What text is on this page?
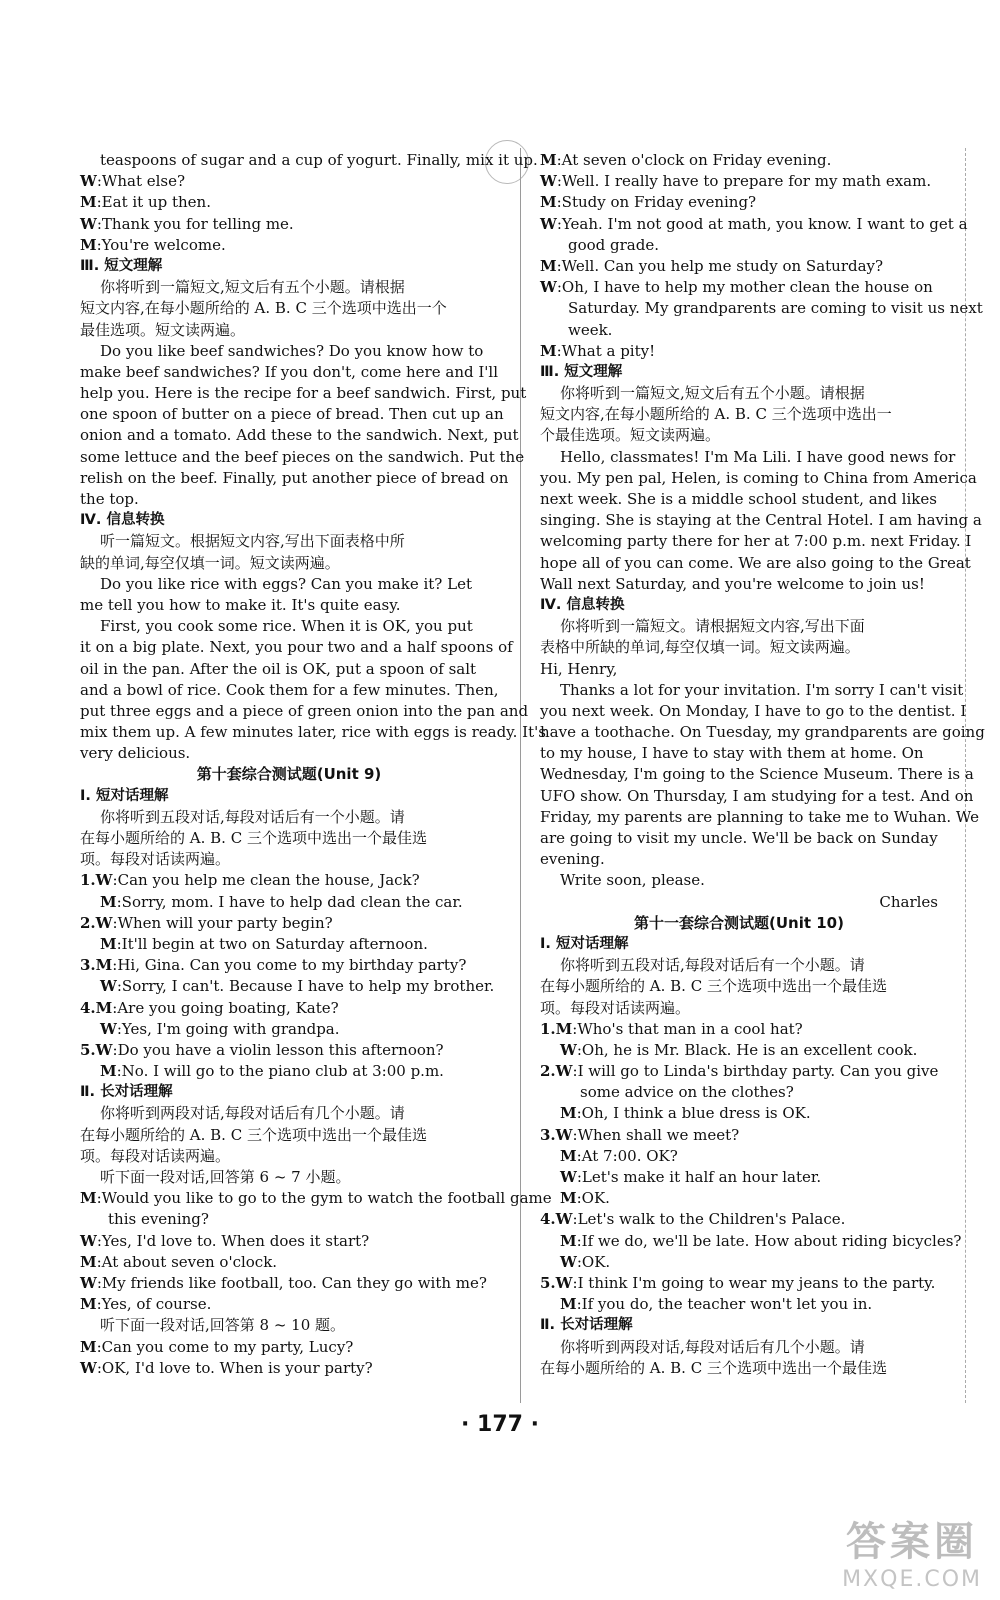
teaspoons of sugar and a cup of yogurt. Finally, mix it up.
W:What else?
M:Eat it up then.
W:Thank you for telling me.
M:You're welcome.
Ⅲ. 短文理解
你将听到一篇短文,短文后有五个小题。请根据
短文内容,在每小题所给的 A. B. C 三个选项中选出一个
最佳选项。短文读两遍。
Do you like beef sandwiches? Do you know how to
make beef sandwiches? If you don't, come here and I'll
help you. Here is the recipe for a beef sandwich. First, put
one spoon of butter on a piece of bread. Then cut up an
onion and a tomato. Add these to the sandwich. Next, put
some lettuce and the beef pieces on the sandwich. Put the
relish on the beef. Finally, put another piece of bread on
the top.
Ⅳ. 信息转换
听一篇短文。根据短文内容,写出下面表格中所
缺的单词,每空仅填一词。短文读两遍。
Do you like rice with eggs? Can you make it? Let
me tell you how to make it. It's quite easy.
First, you cook some rice. When it is OK, you put
it on a big plate. Next, you pour two and a half spoons of
oil in the pan. After the oil is OK, put a spoon of salt
and a bowl of rice. Cook them for a few minutes. Then,
put three eggs and a piece of green onion into the pan and
mix them up. A few minutes later, rice with eggs is ready. It's
very delicious.
第十套综合测试题(Unit 9)
Ⅰ. 短对话理解
你将听到五段对话,每段对话后有一个小题。请
在每小题所给的 A. B. C 三个选项中选出一个最佳选
项。每段对话读两遍。
1.W:Can you help me clean the house, Jack?
M:Sorry, mom. I have to help dad clean the car.
2.W:When will your party begin?
M:It'll begin at two on Saturday afternoon.
3.M:Hi, Gina. Can you come to my birthday party?
W:Sorry, I can't. Because I have to help my brother.
4.M:Are you going boating, Kate?
W:Yes, I'm going with grandpa.
5.W:Do you have a violin lesson this afternoon?
M:No. I will go to the piano club at 3:00 p.m.
Ⅱ. 长对话理解
你将听到两段对话,每段对话后有几个小题。请
在每小题所给的 A. B. C 三个选项中选出一个最佳选
项。每段对话读两遍。
听下面一段对话,回答第 6 ~ 7 小题。
M:Would you like to go to the gym to watch the football game
this evening?
W:Yes, I'd love to. When does it start?
M:At about seven o'clock.
W:My friends like football, too. Can they go with me?
M:Yes, of course.
听下面一段对话,回答第 8 ~ 10 题。
M:Can you come to my party, Lucy?
W:OK, I'd love to. When is your party?
M:At seven o'clock on Friday evening.
W:Well. I really have to prepare for my math exam.
M:Study on Friday evening?
W:Yeah. I'm not good at math, you know. I want to get a
good grade.
M:Well. Can you help me study on Saturday?
W:Oh, I have to help my mother clean the house on
Saturday. My grandparents are coming to visit us next
week.
M:What a pity!
Ⅲ. 短文理解
你将听到一篇短文,短文后有五个小题。请根据
短文内容,在每小题所给的 A. B. C 三个选项中选出一
个最佳选项。短文读两遍。
Hello, classmates! I'm Ma Lili. I have good news for
you. My pen pal, Helen, is coming to China from America
next week. She is a middle school student, and likes
singing. She is staying at the Central Hotel. I am having a
welcoming party there for her at 7:00 p.m. next Friday. I
hope all of you can come. We are also going to the Great
Wall next Saturday, and you're welcome to join us!
Ⅳ. 信息转换
你将听到一篇短文。请根据短文内容,写出下面
表格中所缺的单词,每空仅填一词。短文读两遍。
Hi, Henry,
Thanks a lot for your invitation. I'm sorry I can't visit
you next week. On Monday, I have to go to the dentist. I
have a toothache. On Tuesday, my grandparents are going
to my house, I have to stay with them at home. On
Wednesday, I'm going to the Science Museum. There is a
UFO show. On Thursday, I am studying for a test. And on
Friday, my parents are planning to take me to Wuhan. We
are going to visit my uncle. We'll be back on Sunday
evening.
Write soon, please.
Charles
第十一套综合测试题(Unit 10)
Ⅰ. 短对话理解
你将听到五段对话,每段对话后有一个小题。请
在每小题所给的 A. B. C 三个选项中选出一个最佳选
项。每段对话读两遍。
1.M:Who's that man in a cool hat?
W:Oh, he is Mr. Black. He is an excellent cook.
2.W:I will go to Linda's birthday party. Can you give
some advice on the clothes?
M:Oh, I think a blue dress is OK.
3.W:When shall we meet?
M:At 7:00. OK?
W:Let's make it half an hour later.
M:OK.
4.W:Let's walk to the Children's Palace.
M:If we do, we'll be late. How about riding bicycles?
W:OK.
5.W:I think I'm going to wear my jeans to the party.
M:If you do, the teacher won't let you in.
Ⅱ. 长对话理解
你将听到两段对话,每段对话后有几个小题。请
在每小题所给的 A. B. C 三个选项中选出一个最佳选
· 177 ·
答案圈
MXQE.COM
